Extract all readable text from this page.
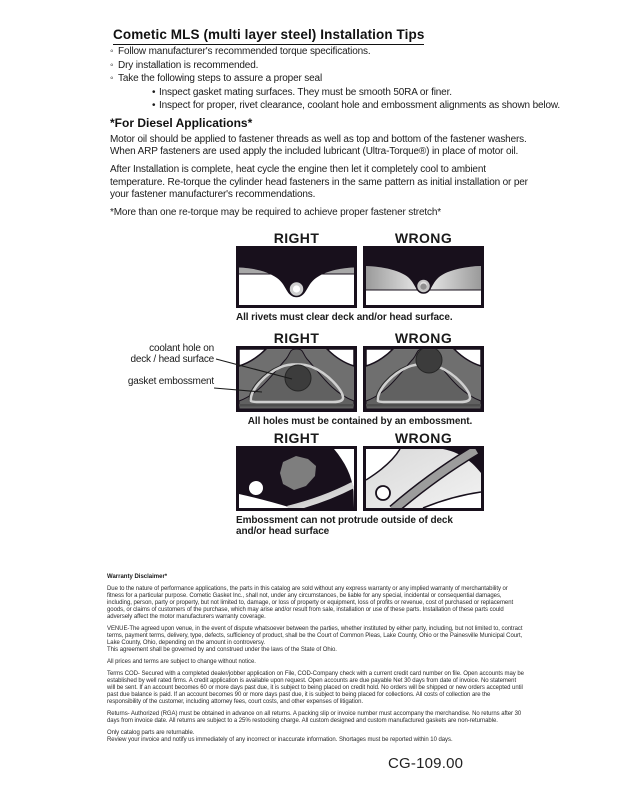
Cometic MLS (multi layer steel) Installation Tips
◦ Follow manufacturer's recommended torque specifications.
◦ Dry installation is recommended.
◦ Take the following steps to assure a proper seal
• Inspect gasket mating surfaces. They must be smooth 50RA or finer.
• Inspect for proper, rivet clearance, coolant hole and embossment alignments as shown below.
*For Diesel Applications*

Motor oil should be applied to fastener threads as well as top and bottom of the fastener washers. When ARP fasteners are used apply the included lubricant (Ultra-Torque®) in place of motor oil.

After Installation is complete, heat cycle the engine then let it completely cool to ambient temperature. Re-torque the cylinder head fasteners in the same pattern as initial installation or per your fastener manufacturer's recommendations.

*More than one re-torque may be required to achieve proper fastener stretch*

RIGHT	WRONG
All rivets must clear deck and/or head surface.
RIGHT	WRONG
All holes must be contained by an embossment.
RIGHT	WRONG
Embossment can not protrude outside of deck and/or head surface
coolant hole on
deck / head surface
gasket embossment
Warranty Disclaimer*

Due to the nature of performance applications, the parts in this catalog are sold without any express warranty or any implied warranty of merchantability or fitness for a particular purpose. Cometic Gasket Inc., shall not, under any circumstances, be liable for any special, incidental or consequential damages, including, person, party or property, but not limited to, damage, or loss of property or equipment, loss of profits or revenue, cost of purchased or replacement goods, or claims of customers of the purchase, which may arise and/or result from sale, installation or use of these parts. Installation of these parts could adversely affect the motor manufacturers warranty coverage.

VENUE-The agreed upon venue, in the event of dispute whatsoever between the parties, whether instituted by either party, including, but not limited to, contract terms, payment terms, delivery, type, defects, sufficiency of product, shall be the Court of Common Pleas, Lake County, Ohio or the Painesville Municipal Court, Lake County, Ohio, depending on the amount in controversy.

This agreement shall be governed by and construed under the laws of the State of Ohio.

All prices and terms are subject to change without notice.

Terms COD- Secured with a completed dealer/jobber application on File, COD-Company check with a current credit card number on file. Open accounts may be established by well rated firms. A credit application is available upon request. Open accounts are due payable Net 30 days from date of invoice. No statement will be sent. If an account becomes 60 or more days past due, it is subject to being placed on credit hold. No orders will be shipped or new orders accepted until past due balance is paid. If an account becomes 90 or more days past due, it is subject to being placed for collections. All costs of collection are the responsibility of the customer, including attorney fees, court costs, and other expenses of litigation.

Returns- Authorized (RGA) must be obtained in advance on all returns. A packing slip or invoice number must accompany the merchandise. No returns after 30 days from invoice date. All returns are subject to a 25% restocking charge. All custom designed and custom manufactured gaskets are non-returnable.

Only catalog parts are returnable.

Review your invoice and notify us immediately of any incorrect or inaccurate information. Shortages must be reported within 10 days.

CG-109.00
